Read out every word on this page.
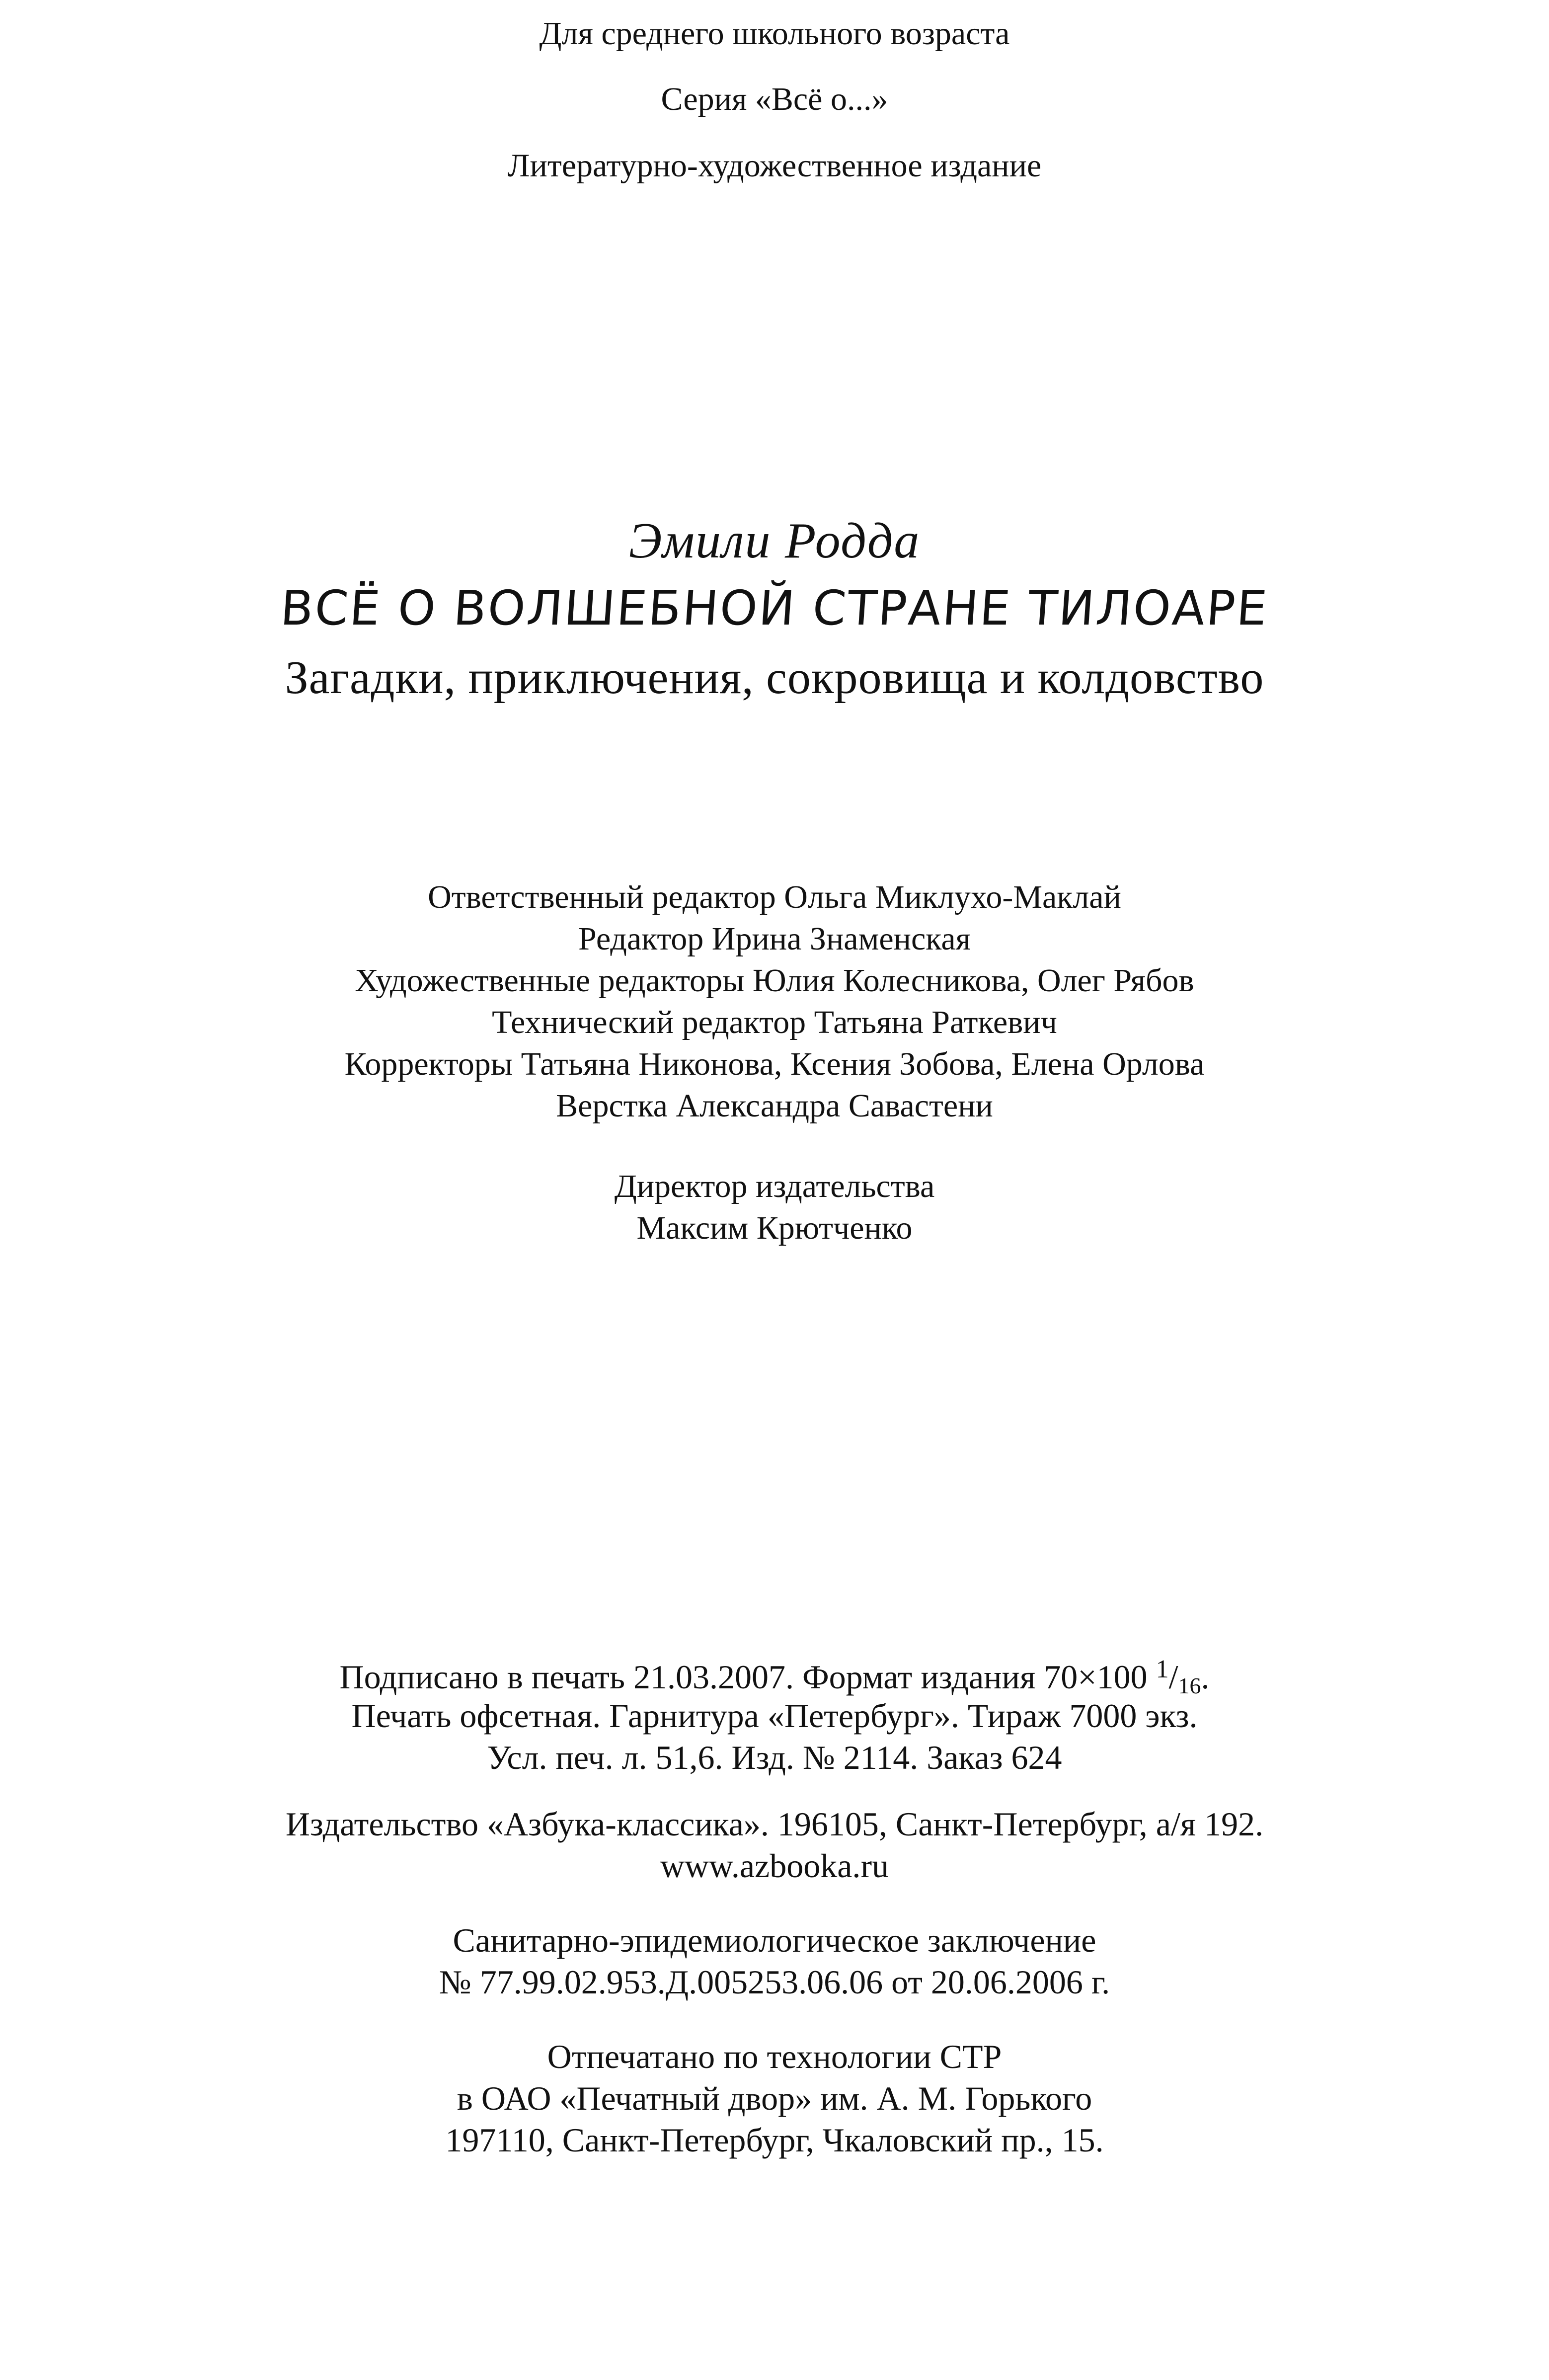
Для среднего школьного возраста

Серия «Всё о...»

Литературно-художественное издание

Эмили Родда

ВСЁ О ВОЛШЕБНОЙ СТРАНЕ ТИЛОАРЕ

Загадки, приключения, сокровища и колдовство

Ответственный редактор Ольга Миклухо-Маклай

Редактор Ирина Знаменская

Художественные редакторы Юлия Колесникова, Олег Рябов

Технический редактор Татьяна Раткевич

Корректоры Татьяна Никонова, Ксения Зобова, Елена Орлова

Верстка Александра Савастени

Директор издательства

Максим Крютченко

Подписано в печать 21.03.2007. Формат издания 70×100 $^1$/16.

Печать офсетная. Гарнитура «Петербург». Тираж 7000 экз.

Усл. печ. л. 51,6. Изд. № 2114. Заказ 624

Издательство «Азбука-классика». 196105, Санкт-Петербург, а/я 192.

www.azbooka.ru

Санитарно-эпидемиологическое заключение

№ 77.99.02.953.Д.005253.06.06 от 20.06.2006 г.

Отпечатано по технологии CTP

в ОАО «Печатный двор» им. А. М. Горького

197110, Санкт-Петербург, Чкаловский пр., 15.
